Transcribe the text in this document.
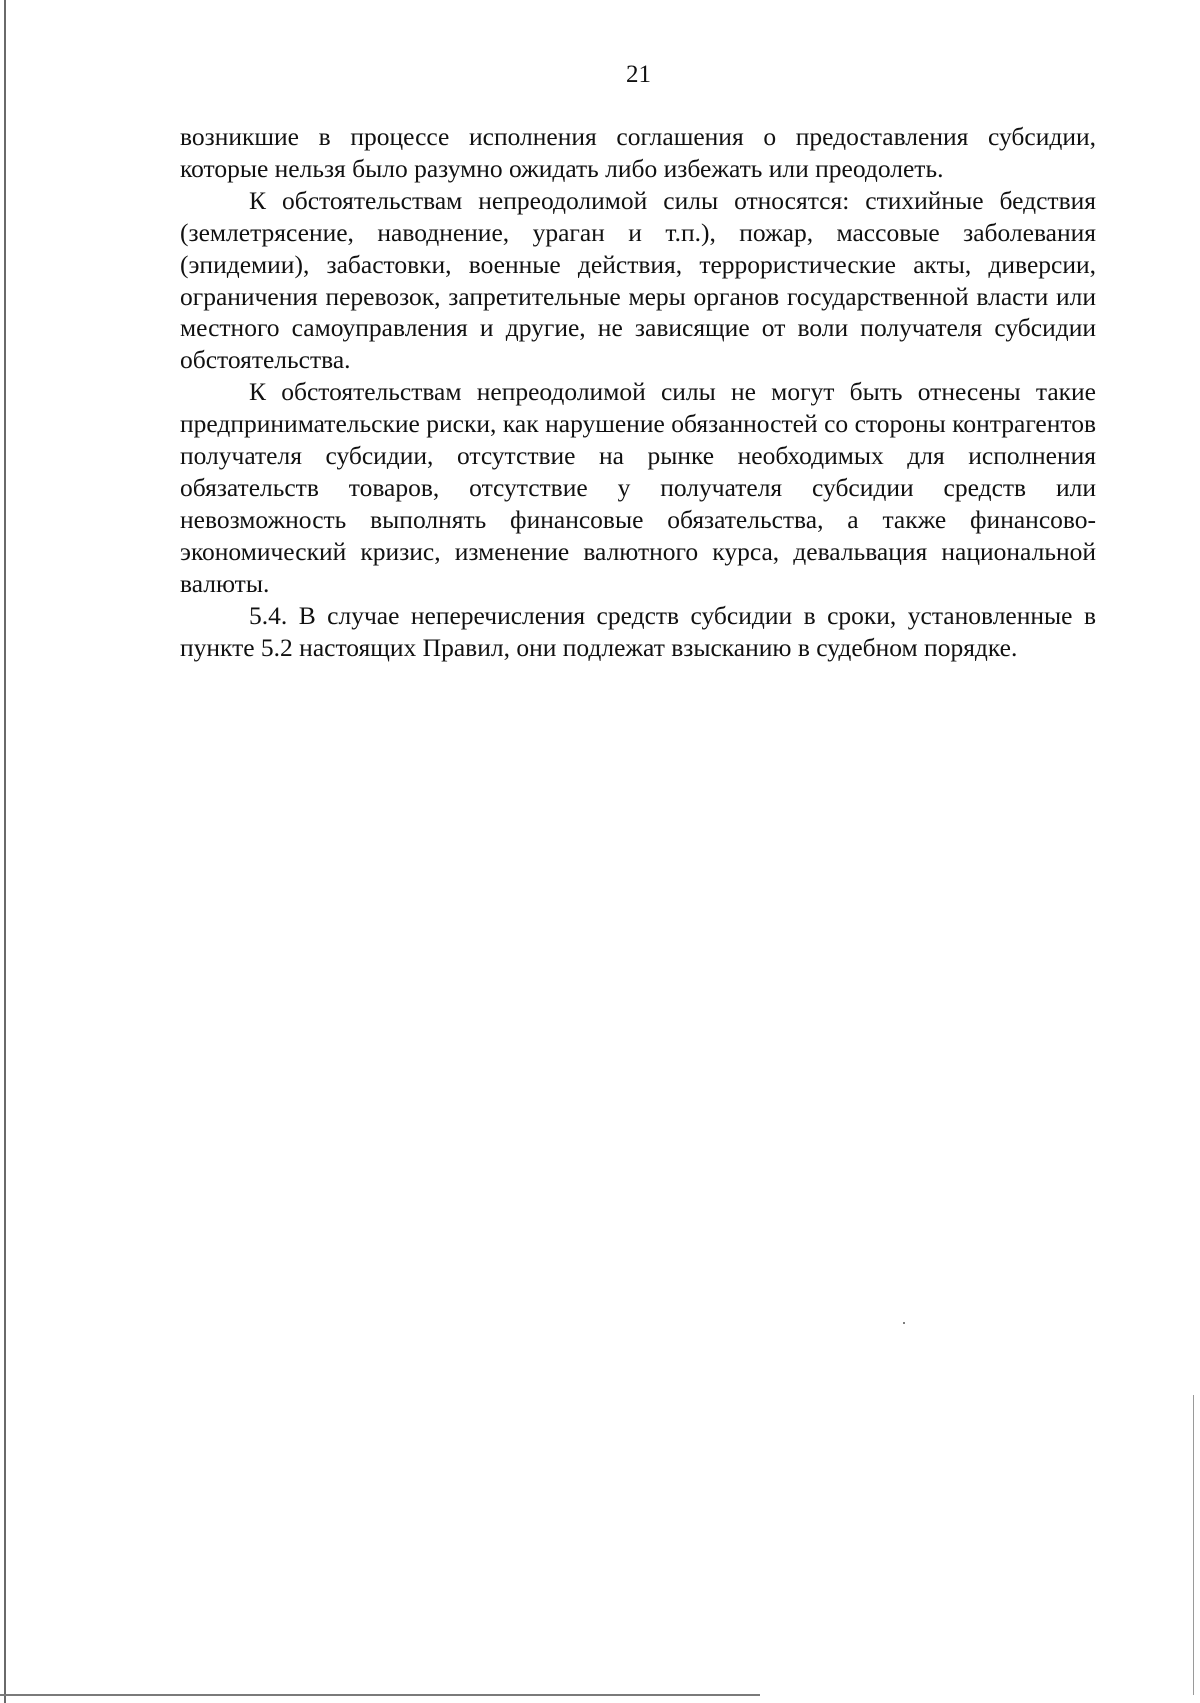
21

возникшие в процессе исполнения соглашения о предоставления субсидии, которые нельзя было разумно ожидать либо избежать или преодолеть.

К обстоятельствам непреодолимой силы относятся: стихийные бедствия (землетрясение, наводнение, ураган и т.п.), пожар, массовые заболевания (эпидемии), забастовки, военные действия, террористические акты, диверсии, ограничения перевозок, запретительные меры органов государственной власти или местного самоуправления и другие, не зависящие от воли получателя субсидии обстоятельства.

К обстоятельствам непреодолимой силы не могут быть отнесены такие предпринимательские риски, как нарушение обязанностей со стороны контрагентов получателя субсидии, отсутствие на рынке необходимых для исполнения обязательств товаров, отсутствие у получателя субсидии средств или невозможность выполнять финансовые обязательства, а также финансово-экономический кризис, изменение валютного курса, девальвация национальной валюты.

5.4. В случае неперечисления средств субсидии в сроки, установленные в пункте 5.2 настоящих Правил, они подлежат взысканию в судебном порядке.
